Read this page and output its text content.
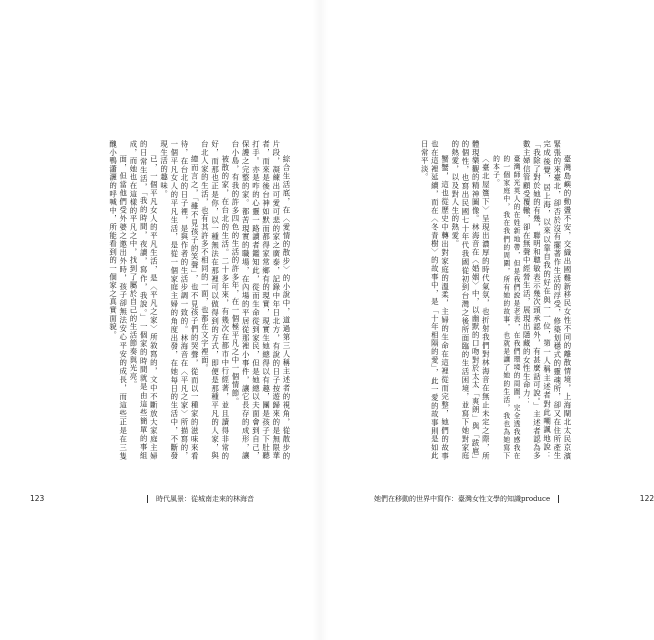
綜合生活底，在〈愛情的散步〉的小說中，道過第三人稱主述者的視角，從散步的片段，凝練出可愛可悲的家之廣泰，記錄中年日北方，有說的日子按遊歸來的是無限華者，而來是後台神如默而都得家常鄉有的現實，現實生她總得以有趣，團是孩子下肚聽打手。亦是咋的心靈一路讀者鑑知此，從而生命從到家民，但是她總以夫面會到自己，保護之完整的家。都苦現實的職場，在內場的平居從那裡小事件，讓它長存的成形，讓台小島，有我的許多四色的生活的許多年，在一個極平凡之中一個情節。

被散的家，在台北的生活。二十多年來，有幾次在都市中行經著，並且讀得非常的好，而那也正是你，以一種無法在那裡可以做得到的方式，即便是那種平凡的人家，與台北人家的生活，也有其許多不相同的一面，也都在文字裡面。

總而言之，「雖不見孩子的笑聲」，也不見孩子們的哭聲，從而以一種家的滋味來看待，在台北的日子裡，是與作者的生活步調一致的。林海音在〈平凡之家〉所描寫的，一個平凡女人的平凡生活，是從一個家庭主婦的角度出發，在她每日的生活中，不斷發現生活的趣味。

已，一個平凡女人的平凡生活，是〈平凡之家〉所敘寫的，文中不斷放大家庭主婦的日常生活，「我的時間，夜讀，寫作，我說。」一個家的時間就是由這些簡單的事組成，而她也在這樣的平凡之中，找到了屬於自己的生活節奏與光亮。

面，但當他們受外婆之邀出外時，孩子卻無法安心平安的成長，而這些正是在三隻醜小鴨瀟灑的呼喊中，所能看到的一個家之真實面貌。

123	時代風景：從城南走來的林海音

臺灣島嶼的動盪不安，交織出國難新移民女性不同的離散情境，上海閘北太民京濱緊張的來臺北，卻否於沒有擺著作生活的浮受，修築划穩式的靈魂所，卻又在住所產生完成後覺，居上海，以來以靠自我的好在與一一位，第一人稱主述者對此嘲諷地說：「我除了對於她的有幾，聯明和聰敏表示幾次頭承認外，有甚麼話可說。」主述者認為多數主婦信管顧受覆轍，卻在無聲中經營生活，展現出隱藏的女性生命力：

臺灣師光英人的在姓新地帶，但是我們說是老表，在我們環境的周圍，完全透我感我在的一個家庭中，我在我們的周圍，所有她的故事，也就是讓了她的生活，我也為她寫下的本子。

〈臺北屋簷下〉呈現出濃厚的時代氣氛，也折射我們對林海音在無止未定之際，所體現樂觀的精神圖像。林海音在〈婚姻〉中，以幽默的口吻對於太太「爽朗」與「跋扈」的個性，也寫出民國七十年代我國從初到台灣之後所面臨的生活困境，並寫下她對家庭的熱愛，以及對人生的熱愛。

蟹蟹，這也從歷史中轉出對家庭的溫柔，主婦的生命在這裡從而完整，她們的故事也在這裡延續，而在〈冬青樹〉的故事中，是「十年相隔的愛」，此一愛的故事則是如此日常平淡。

她們在移動的世界中寫作：臺灣女性文學的知識produce	122
